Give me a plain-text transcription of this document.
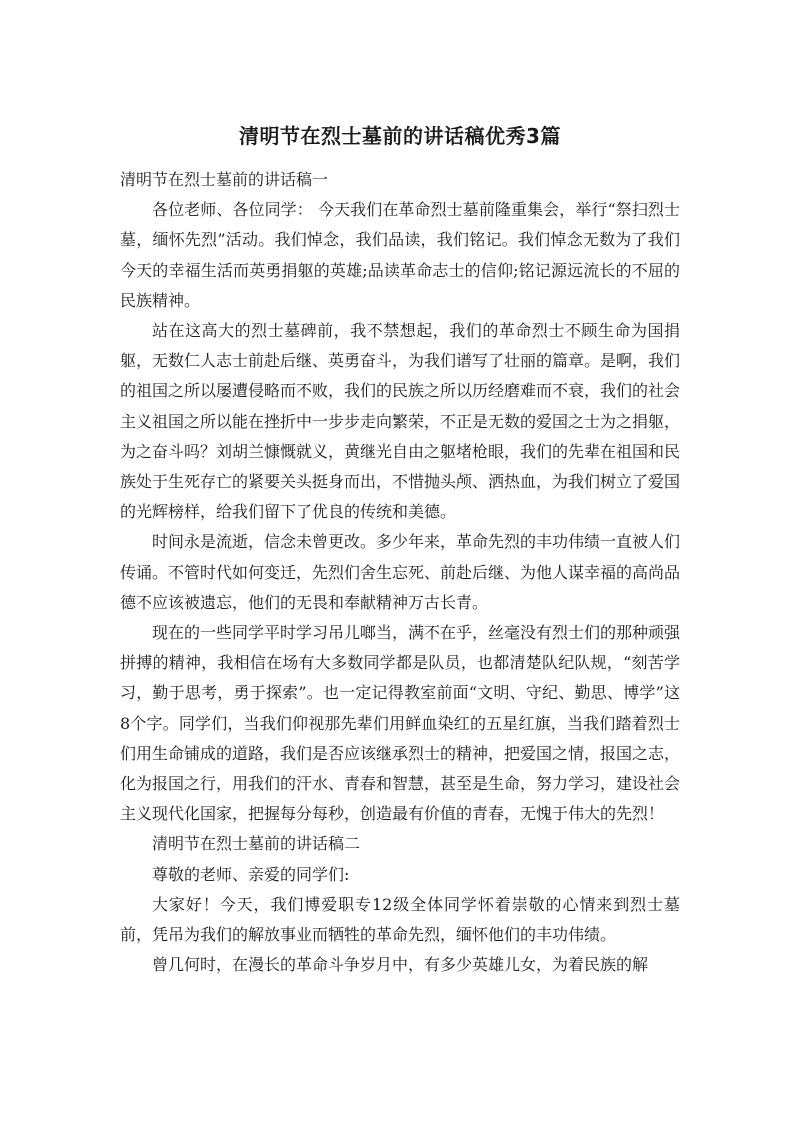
清明节在烈士墓前的讲话稿优秀3篇
清明节在烈士墓前的讲话稿一

各位老师、各位同学： 今天我们在革命烈士墓前隆重集会，举行“祭扫烈士墓，缅怀先烈”活动。我们悼念，我们品读，我们铭记。我们悼念无数为了我们今天的幸福生活而英勇捐躯的英雄;品读革命志士的信仰;铭记源远流长的不屈的民族精神。

站在这高大的烈士墓碑前，我不禁想起，我们的革命烈士不顾生命为国捐躯，无数仁人志士前赴后继、英勇奋斗，为我们谱写了壮丽的篇章。是啊，我们的祖国之所以屡遭侵略而不败，我们的民族之所以历经磨难而不衰，我们的社会主义祖国之所以能在挫折中一步步走向繁荣，不正是无数的爱国之士为之捐躯，为之奋斗吗？刘胡兰慷慨就义，黄继光自由之躯堵枪眼，我们的先辈在祖国和民族处于生死存亡的紧要关头挺身而出，不惜抛头颅、洒热血，为我们树立了爱国的光辉榜样，给我们留下了优良的传统和美德。

时间永是流逝，信念未曾更改。多少年来，革命先烈的丰功伟绩一直被人们传诵。不管时代如何变迁，先烈们舍生忘死、前赴后继、为他人谋幸福的高尚品德不应该被遗忘，他们的无畏和奉献精神万古长青。

现在的一些同学平时学习吊儿啷当，满不在乎，丝毫没有烈士们的那种顽强拼搏的精神，我相信在场有大多数同学都是队员，也都清楚队纪队规，“刻苦学习，勤于思考，勇于探索”。也一定记得教室前面“文明、守纪、勤思、博学”这8个字。同学们，当我们仰视那先辈们用鲜血染红的五星红旗，当我们踏着烈士们用生命铺成的道路，我们是否应该继承烈士的精神，把爱国之情，报国之志，化为报国之行，用我们的汗水、青春和智慧，甚至是生命，努力学习，建设社会主义现代化国家，把握每分每秒，创造最有价值的青春，无愧于伟大的先烈！

清明节在烈士墓前的讲话稿二

尊敬的老师、亲爱的同学们:

大家好！今天，我们博爱职专12级全体同学怀着崇敬的心情来到烈士墓前，凭吊为我们的解放事业而牺牲的革命先烈，缅怀他们的丰功伟绩。

曾几何时，在漫长的革命斗争岁月中，有多少英雄儿女，为着民族的解
